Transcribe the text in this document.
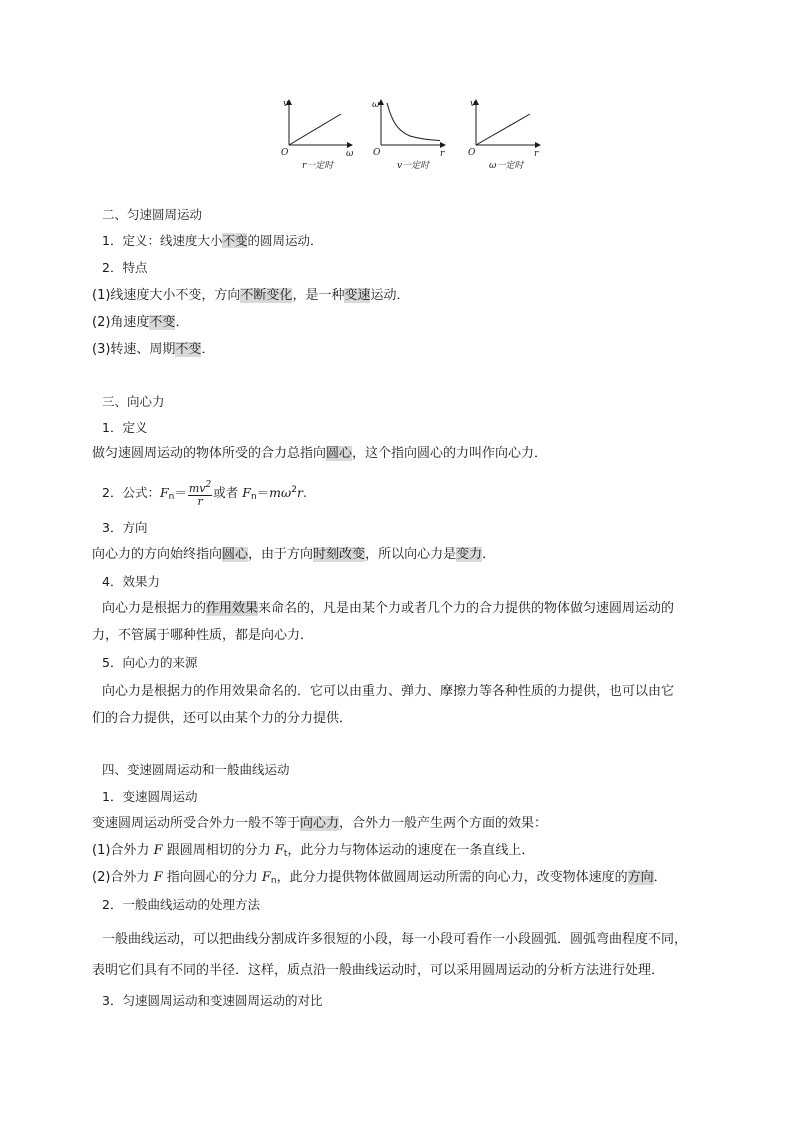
v
ω
O
r一定时
ω
r
O
v一定时
v
r
O
ω一定时
二、匀速圆周运动
1．定义：线速度大小不变的圆周运动．
2．特点
(1)线速度大小不变，方向不断变化，是一种变速运动．
(2)角速度不变．
(3)转速、周期不变．
三、向心力
1．定义
做匀速圆周运动的物体所受的合力总指向圆心，这个指向圆心的力叫作向心力．
2．公式：$F_n= \frac{mv^2}{r}$ 或者 $F_n=m\omega^2r$.
3．方向
向心力的方向始终指向圆心，由于方向时刻改变，所以向心力是变力．
4．效果力
向心力是根据力的作用效果来命名的，凡是由某个力或者几个力的合力提供的物体做匀速圆周运动的
力，不管属于哪种性质，都是向心力．
5．向心力的来源
向心力是根据力的作用效果命名的．它可以由重力、弹力、摩擦力等各种性质的力提供，也可以由它
们的合力提供，还可以由某个力的分力提供．
四、变速圆周运动和一般曲线运动
1．变速圆周运动
变速圆周运动所受合外力一般不等于向心力，合外力一般产生两个方面的效果：
(1)合外力 F 跟圆周相切的分力 $F_t$，此分力与物体运动的速度在一条直线上．
(2)合外力 F 指向圆心的分力 $F_n$，此分力提供物体做圆周运动所需的向心力，改变物体速度的方向．
2．一般曲线运动的处理方法
一般曲线运动，可以把曲线分割成许多很短的小段，每一小段可看作一小段圆弧．圆弧弯曲程度不同，
表明它们具有不同的半径．这样，质点沿一般曲线运动时，可以采用圆周运动的分析方法进行处理．
3．匀速圆周运动和变速圆周运动的对比
